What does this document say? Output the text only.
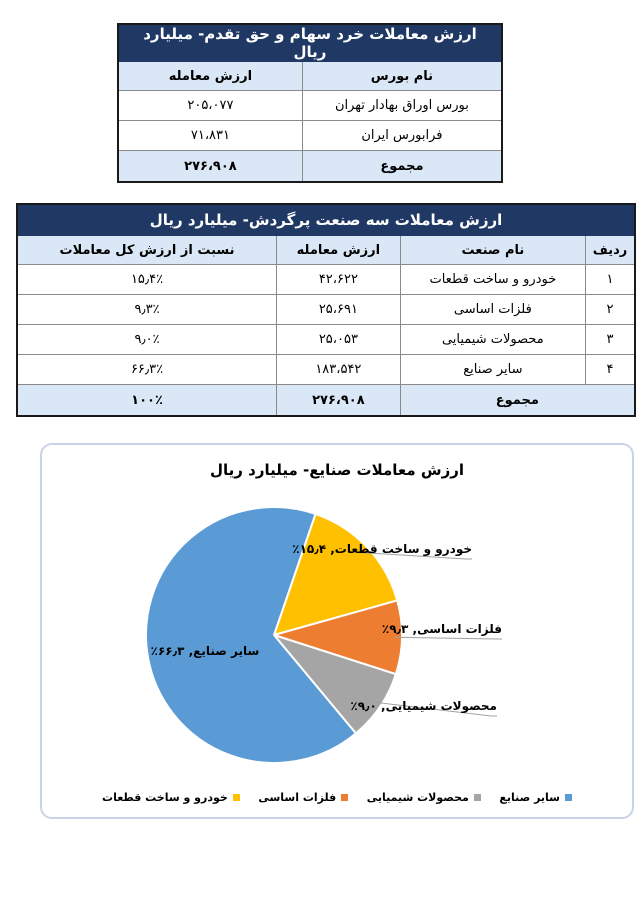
ارزش معاملات خرد سهام و حق تقدم- میلیارد ریال	
نام بورس	ارزش معامله
بورس اوراق بهادار تهران	۲۰۵،۰۷۷
فرابورس ایران	۷۱،۸۳۱
مجموع	۲۷۶،۹۰۸
ارزش معاملات سه صنعت پرگردش- میلیارد ریال			
ردیف	نام صنعت	ارزش معامله	نسبت از ارزش کل معاملات
۱	خودرو و ساخت قطعات	۴۲،۶۲۲	۱۵٫۴٪
۲	فلزات اساسی	۲۵،۶۹۱	۹٫۳٪
۳	محصولات شیمیایی	۲۵،۰۵۳	۹٫۰٪
۴	سایر صنایع	۱۸۳،۵۴۲	۶۶٫۳٪
مجموع		۲۷۶،۹۰۸	۱۰۰٪
ارزش معاملات صنایع- میلیارد ریال
خودرو و ساخت قطعات, ۱۵٫۴٪
فلزات اساسی, ۹٫۳٪
محصولات شیمیایی, ۹٫۰٪
سایر صنایع, ۶۶٫۳٪
سایر صنایع
محصولات شیمیایی
فلزات اساسی
خودرو و ساخت قطعات
